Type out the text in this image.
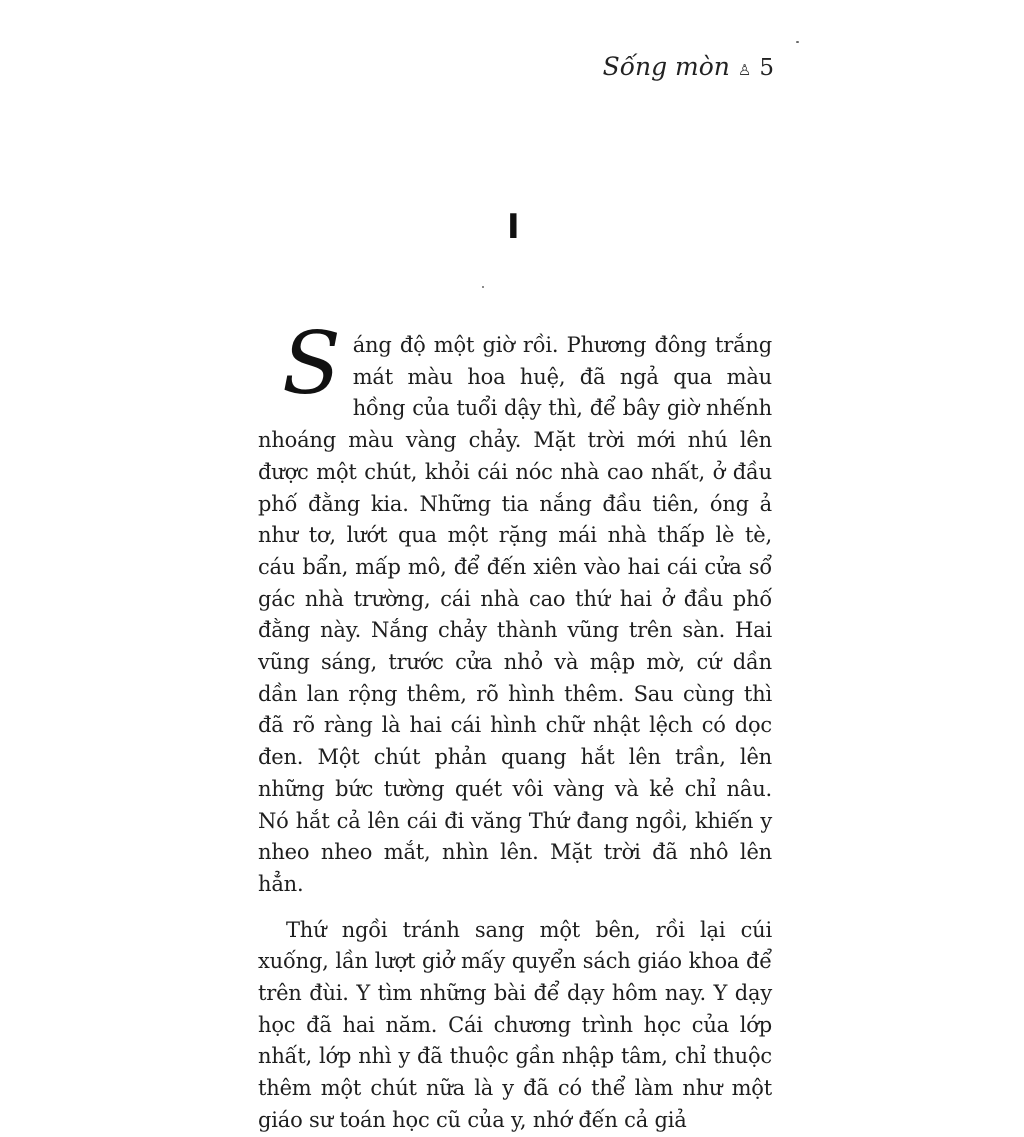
Sống mòn ♙ 5
I

Sáng độ một giờ rồi. Phương đông trắng mát màu hoa huệ, đã ngả qua màu hồng của tuổi dậy thì, để bây giờ nhếnh nhoáng màu vàng chảy. Mặt trời mới nhú lên được một chút, khỏi cái nóc nhà cao nhất, ở đầu phố đằng kia. Những tia nắng đầu tiên, óng ả như tơ, lướt qua một rặng mái nhà thấp lè tè, cáu bẩn, mấp mô, để đến xiên vào hai cái cửa sổ gác nhà trường, cái nhà cao thứ hai ở đầu phố đằng này. Nắng chảy thành vũng trên sàn. Hai vũng sáng, trước cửa nhỏ và mập mờ, cứ dần dần lan rộng thêm, rõ hình thêm. Sau cùng thì đã rõ ràng là hai cái hình chữ nhật lệch có dọc đen. Một chút phản quang hắt lên trần, lên những bức tường quét vôi vàng và kẻ chỉ nâu. Nó hắt cả lên cái đi văng Thứ đang ngồi, khiến y nheo nheo mắt, nhìn lên. Mặt trời đã nhô lên hẳn.

Thứ ngồi tránh sang một bên, rồi lại cúi xuống, lần lượt giở mấy quyển sách giáo khoa để trên đùi. Y tìm những bài để dạy hôm nay. Y dạy học đã hai năm. Cái chương trình học của lớp nhất, lớp nhì y đã thuộc gần nhập tâm, chỉ thuộc thêm một chút nữa là y đã có thể làm như một giáo sư toán học cũ của y, nhớ đến cả giả
